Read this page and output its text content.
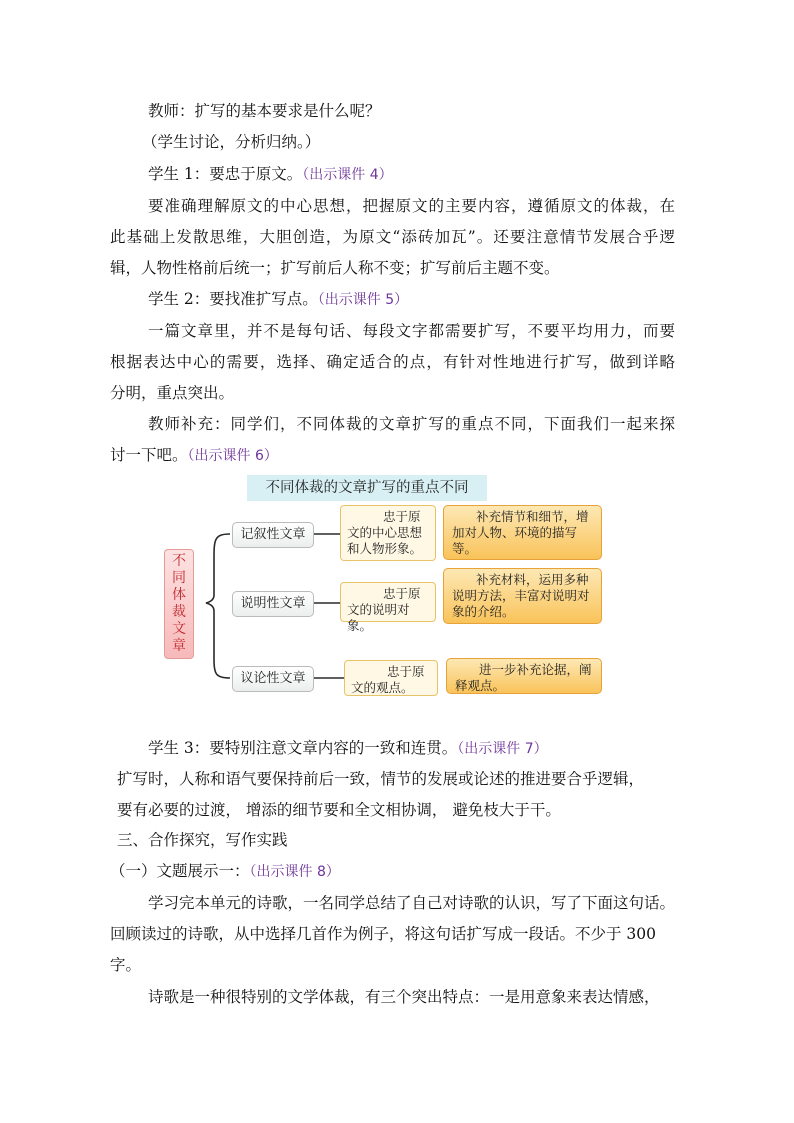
教师：扩写的基本要求是什么呢？
（学生讨论，分析归纳。）
学生 1：要忠于原文。（出示课件 4）
要准确理解原文的中心思想，把握原文的主要内容，遵循原文的体裁，在
此基础上发散思维，大胆创造，为原文“添砖加瓦”。还要注意情节发展合乎逻
辑，人物性格前后统一；扩写前后人称不变；扩写前后主题不变。
学生 2：要找准扩写点。（出示课件 5）
一篇文章里，并不是每句话、每段文字都需要扩写，不要平均用力，而要
根据表达中心的需要，选择、确定适合的点，有针对性地进行扩写，做到详略
分明，重点突出。
教师补充：同学们，不同体裁的文章扩写的重点不同，下面我们一起来探
讨一下吧。（出示课件 6）
不同体裁的文章扩写的重点不同
不
同
体
裁
文
章
记叙性文章
忠于原文的中心思想和人物形象。
补充情节和细节，增加对人物、环境的描写等。
说明性文章
忠于原文的说明对象。
补充材料，运用多种说明方法，丰富对说明对象的介绍。
议论性文章	忠于原文的观点。
进一步补充论据，阐释观点。
学生 3：要特别注意文章内容的一致和连贯。（出示课件 7）
扩写时，人称和语气要保持前后一致，情节的发展或论述的推进要合乎逻辑，
要有必要的过渡， 增添的细节要和全文相协调， 避免枝大于干。
三、合作探究，写作实践
（一）文题展示一：（出示课件 8）
学习完本单元的诗歌，一名同学总结了自己对诗歌的认识，写了下面这句话。
回顾读过的诗歌，从中选择几首作为例子，将这句话扩写成一段话。不少于 300
字。
诗歌是一种很特别的文学体裁，有三个突出特点：一是用意象来表达情感，
